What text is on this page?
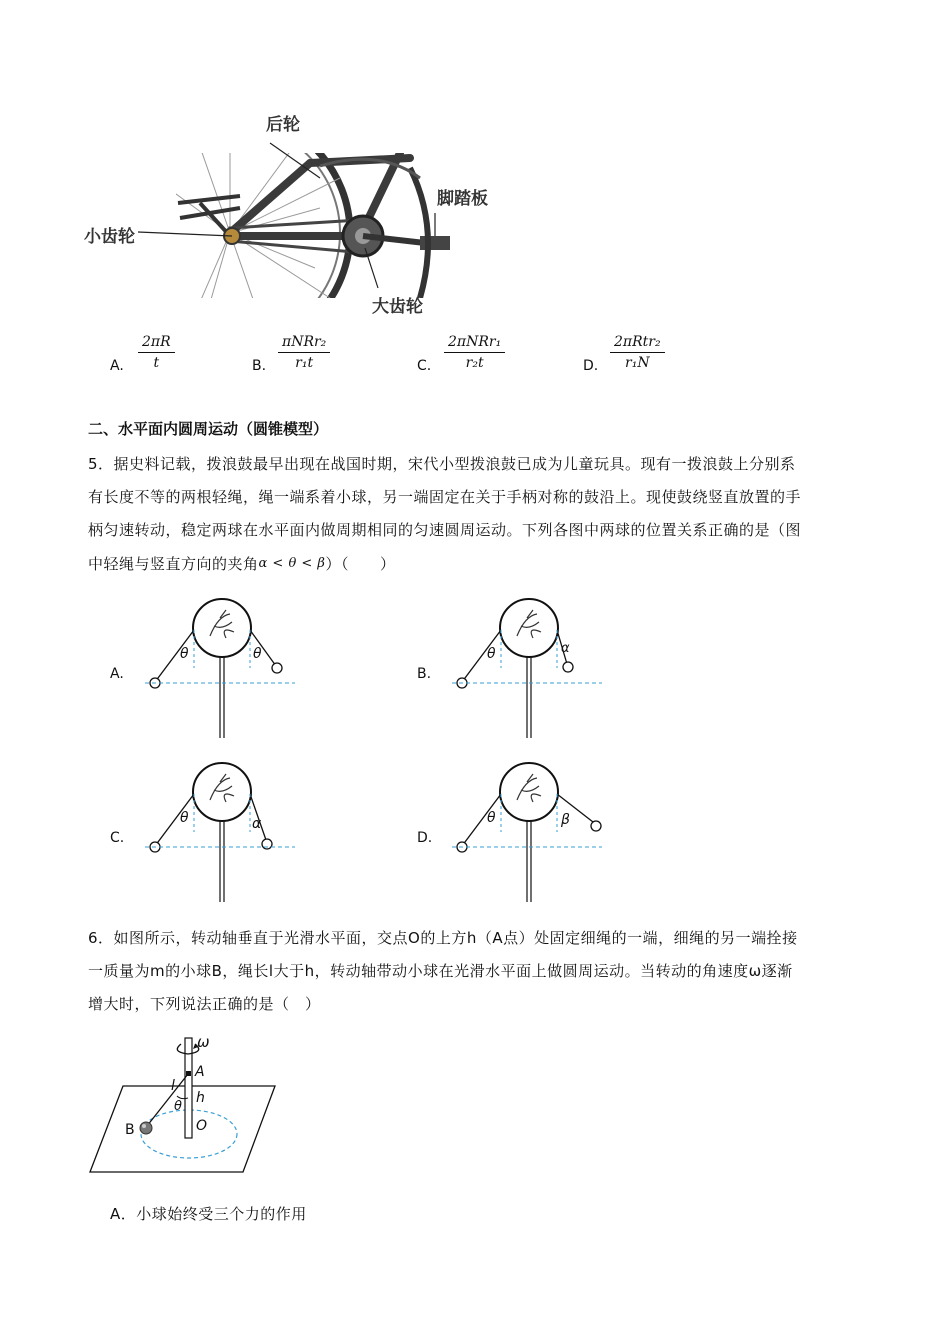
后轮
脚踏板
小齿轮
大齿轮
A. $\frac{2\pi R}{t}$	B.
πNRr₂
r₁t	C.
2πNRr₁
r₂t	D.
2πRtr₂
r₁N
二、水平面内圆周运动（圆锥模型）
5．据史料记载，拨浪鼓最早出现在战国时期，宋代小型拨浪鼓已成为儿童玩具。现有一拨浪鼓上分别系
有长度不等的两根轻绳，绳一端系着小球，另一端固定在关于手柄对称的鼓沿上。现使鼓绕竖直放置的手
柄匀速转动，稳定两球在水平面内做周期相同的匀速圆周运动。下列各图中两球的位置关系正确的是（图
中轻绳与竖直方向的夹角α < θ < β）（　　）
A.
θ	θ
B.
θ	α
C.
θ	α
D.
θ	β
6．如图所示，转动轴垂直于光滑水平面，交点O的上方h（A点）处固定细绳的一端，细绳的另一端拴接
一质量为m的小球B，绳长l大于h，转动轴带动小球在光滑水平面上做圆周运动。当转动的角速度ω逐渐
增大时，下列说法正确的是（　）
ω
A
l
h
θ
B	O
A．小球始终受三个力的作用
